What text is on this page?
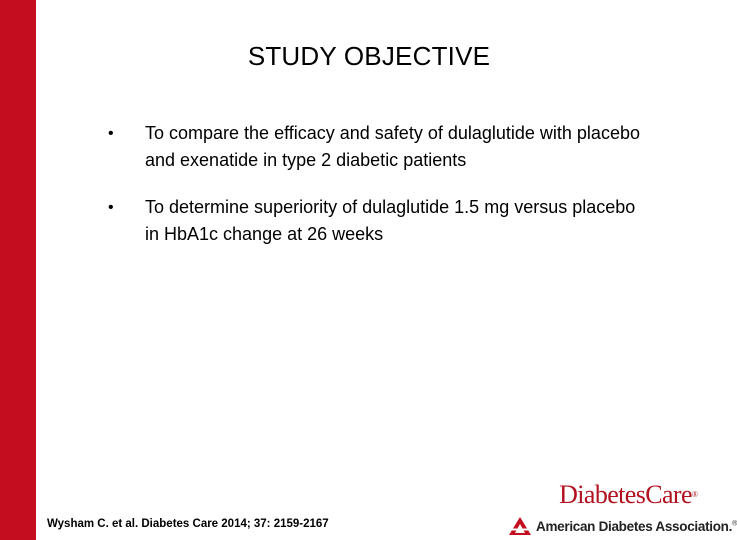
STUDY OBJECTIVE
•	To compare the efficacy and safety of dulaglutide with placebo and exenatide in type 2 diabetic patients
•	To determine superiority of dulaglutide 1.5 mg versus placebo in HbA1c change at 26 weeks
Wysham C. et al. Diabetes Care 2014; 37: 2159-2167
DiabetesCare®
American Diabetes Association.®
